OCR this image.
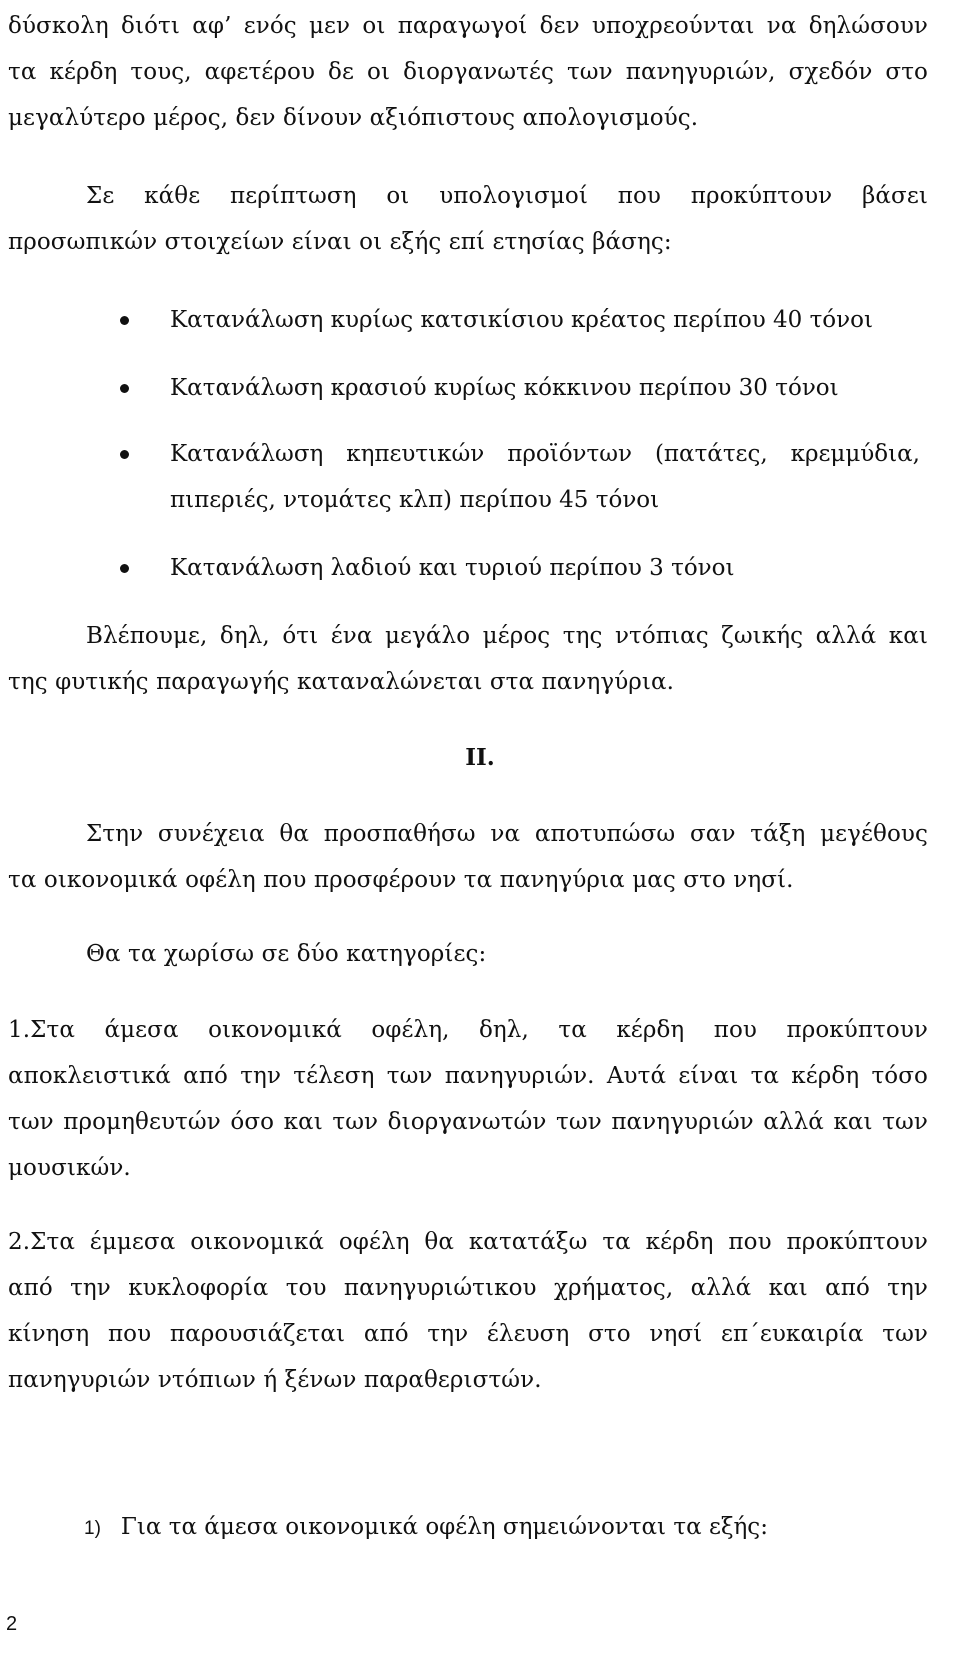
δύσκολη διότι αφ’ ενός μεν οι παραγωγοί δεν υποχρεούνται να δηλώσουν
τα κέρδη τους, αφετέρου δε οι διοργανωτές των πανηγυριών, σχεδόν στο
μεγαλύτερο μέρος, δεν δίνουν αξιόπιστους απολογισμούς.
Σε κάθε περίπτωση οι υπολογισμοί που προκύπτουν βάσει
προσωπικών στοιχείων είναι οι εξής επί ετησίας βάσης:
Κατανάλωση κυρίως κατσικίσιου κρέατος περίπου 40 τόνοι
Κατανάλωση κρασιού κυρίως κόκκινου περίπου 30 τόνοι
Κατανάλωση κηπευτικών προϊόντων (πατάτες, κρεμμύδια,
πιπεριές, ντομάτες κλπ) περίπου 45 τόνοι
Κατανάλωση λαδιού και τυριού περίπου 3 τόνοι
Βλέπουμε, δηλ, ότι ένα μεγάλο μέρος της ντόπιας ζωικής αλλά και
της φυτικής παραγωγής καταναλώνεται στα πανηγύρια.
II.
Στην συνέχεια θα προσπαθήσω να αποτυπώσω σαν τάξη μεγέθους
τα οικονομικά οφέλη που προσφέρουν τα πανηγύρια μας στο νησί.
Θα τα χωρίσω σε δύο κατηγορίες:
1.Στα άμεσα οικονομικά οφέλη, δηλ, τα κέρδη που προκύπτουν
αποκλειστικά από την τέλεση των πανηγυριών. Αυτά είναι τα κέρδη τόσο
των προμηθευτών όσο και των διοργανωτών των πανηγυριών αλλά και των
μουσικών.
2.Στα έμμεσα οικονομικά οφέλη θα κατατάξω τα κέρδη που προκύπτουν
από την κυκλοφορία του πανηγυριώτικου χρήματος, αλλά και από την
κίνηση που παρουσιάζεται από την έλευση στο νησί επ΄ευκαιρία των
πανηγυριών ντόπιων ή ξένων παραθεριστών.
1) Για τα άμεσα οικονομικά οφέλη σημειώνονται τα εξής:
2
